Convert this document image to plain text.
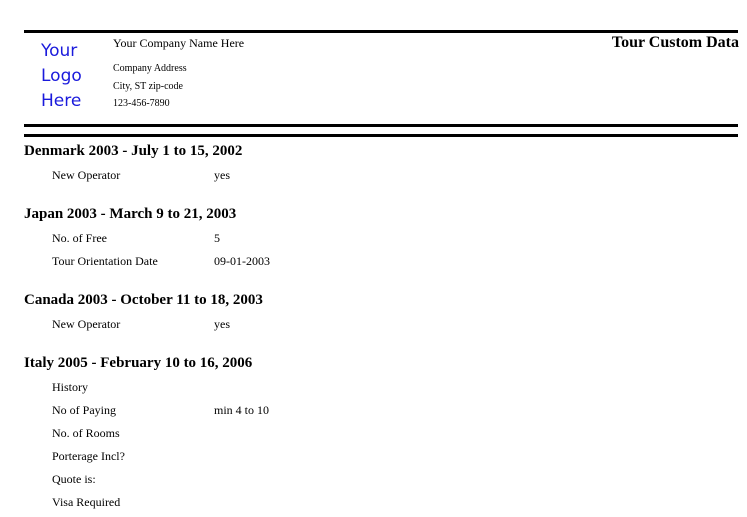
Your
Logo
Here
Your Company Name Here
Company Address
City, ST zip-code
123-456-7890
Tour Custom Data
Denmark 2003 - July 1 to 15, 2002
New Operator	yes
Japan 2003 - March 9 to 21, 2003
No. of Free	5
Tour Orientation Date	09-01-2003
Canada 2003 - October 11 to 18, 2003
New Operator	yes
Italy 2005 - February 10 to 16, 2006
History
No of Paying	min 4 to 10
No. of Rooms
Porterage Incl?
Quote is:
Visa Required
